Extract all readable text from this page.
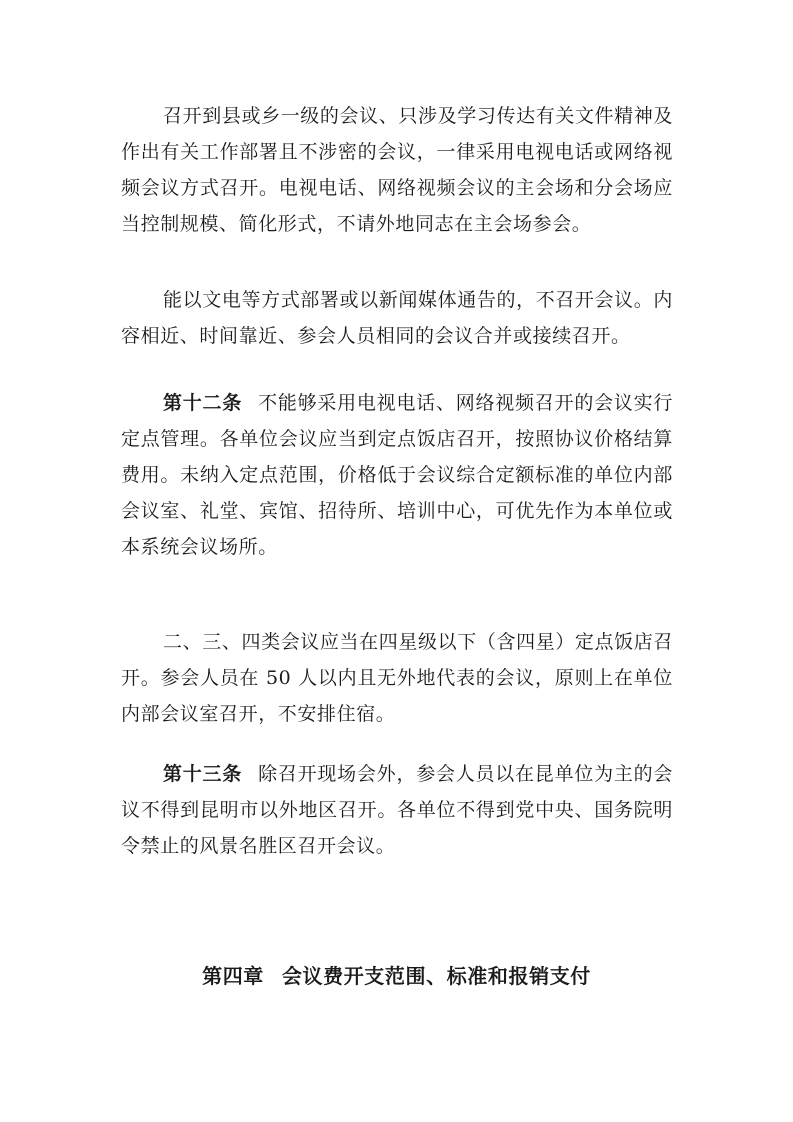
召开到县或乡一级的会议、只涉及学习传达有关文件精神及作出有关工作部署且不涉密的会议，一律采用电视电话或网络视频会议方式召开。电视电话、网络视频会议的主会场和分会场应当控制规模、简化形式，不请外地同志在主会场参会。

能以文电等方式部署或以新闻媒体通告的，不召开会议。内容相近、时间靠近、参会人员相同的会议合并或接续召开。

第十二条 不能够采用电视电话、网络视频召开的会议实行定点管理。各单位会议应当到定点饭店召开，按照协议价格结算费用。未纳入定点范围，价格低于会议综合定额标准的单位内部会议室、礼堂、宾馆、招待所、培训中心，可优先作为本单位或本系统会议场所。

二、三、四类会议应当在四星级以下（含四星）定点饭店召开。参会人员在 50 人以内且无外地代表的会议，原则上在单位内部会议室召开，不安排住宿。

第十三条 除召开现场会外，参会人员以在昆单位为主的会议不得到昆明市以外地区召开。各单位不得到党中央、国务院明令禁止的风景名胜区召开会议。

第四章 会议费开支范围、标准和报销支付
